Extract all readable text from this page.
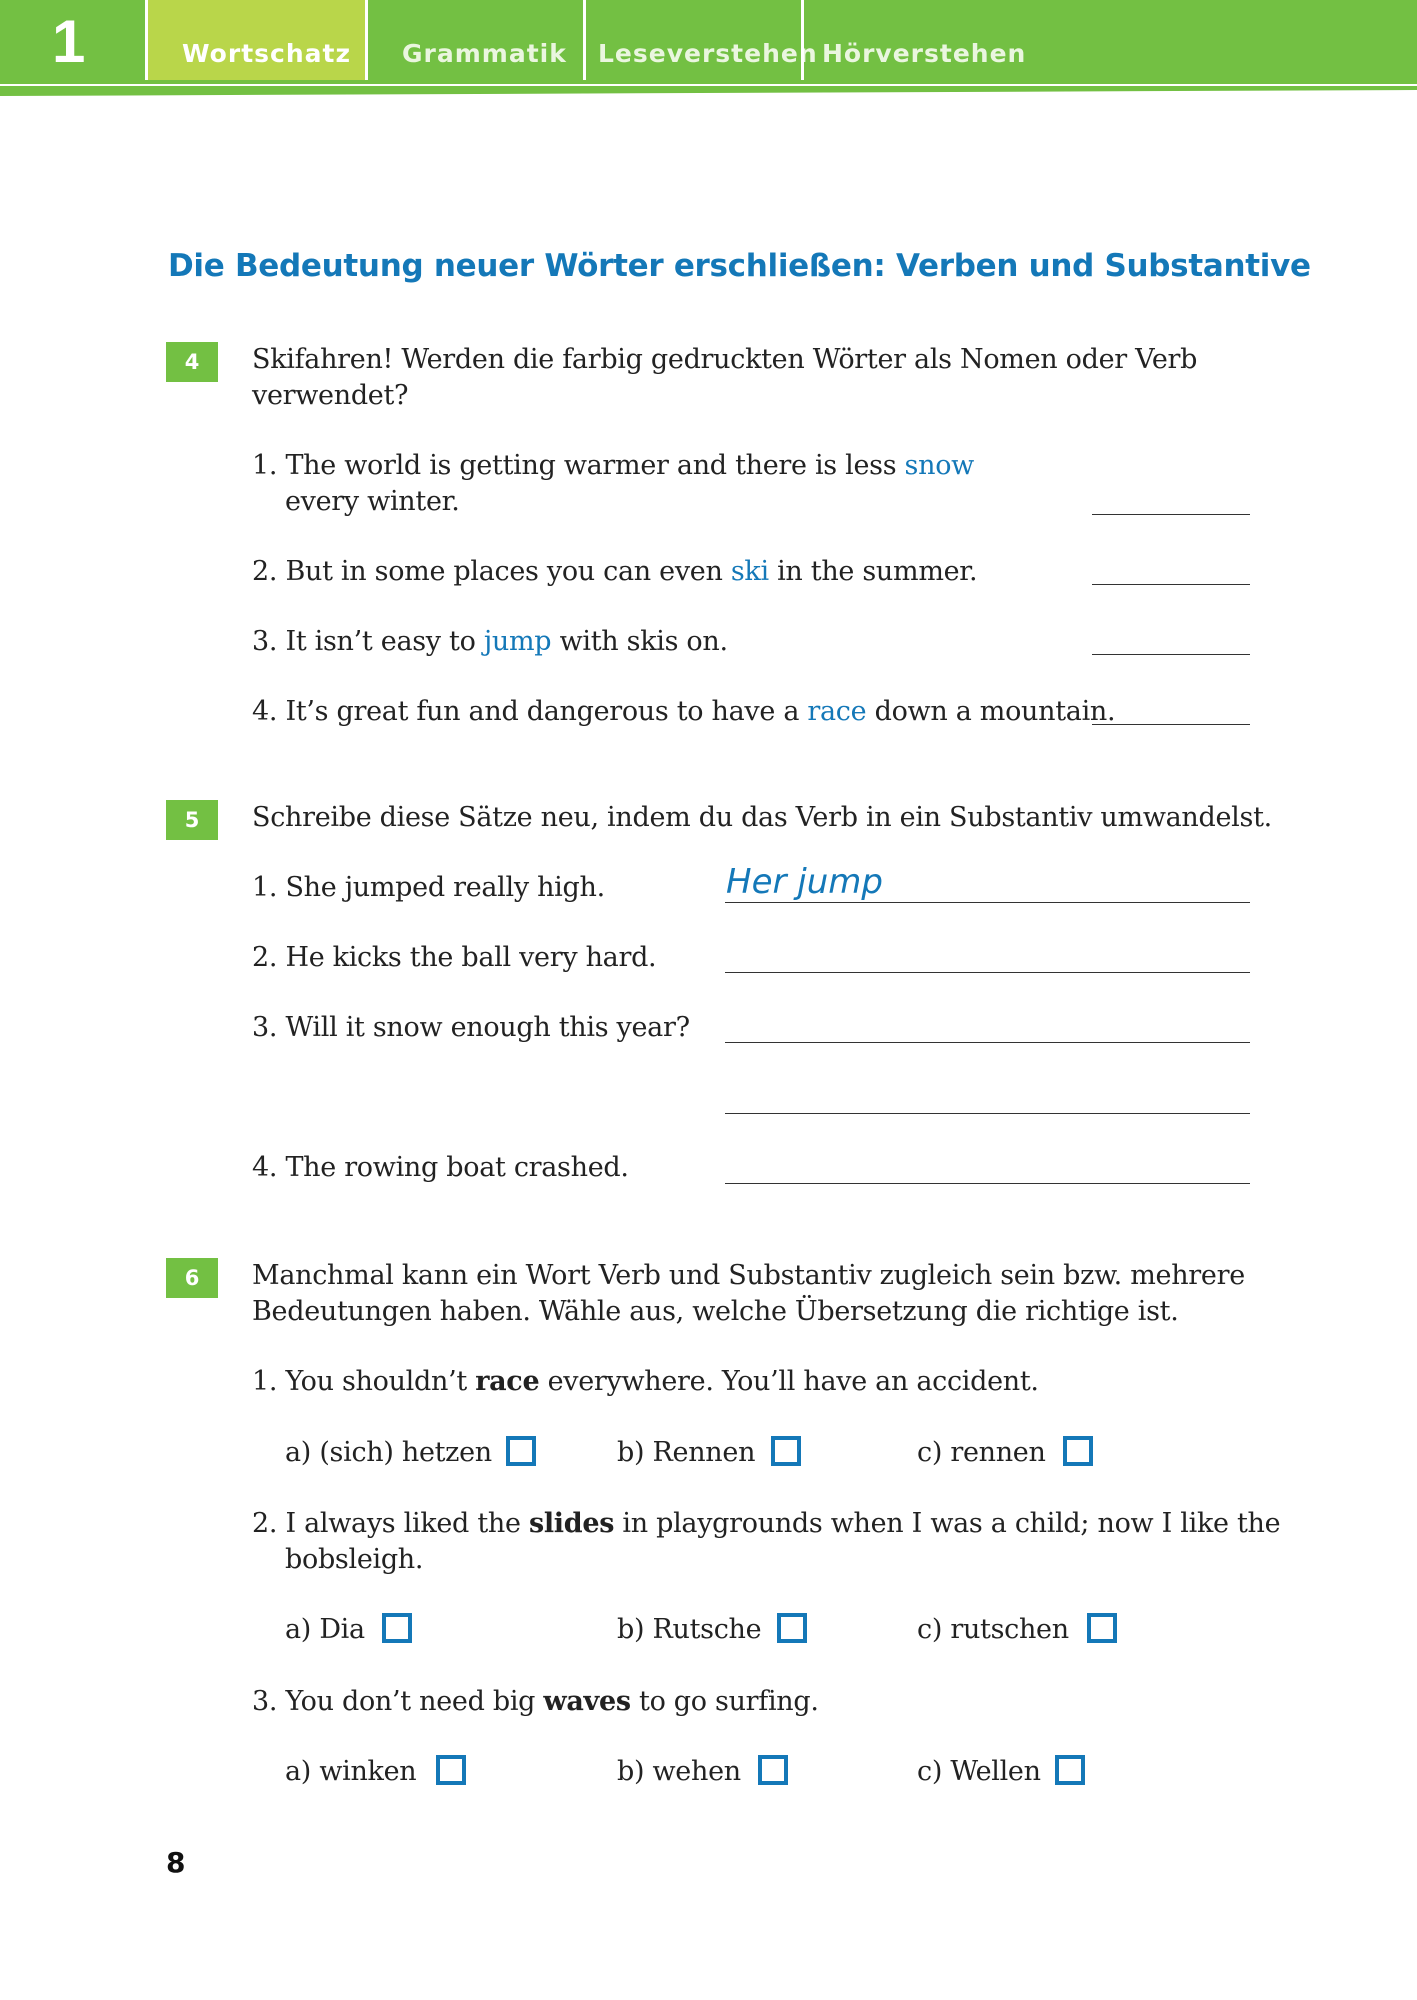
1	Wortschatz	Grammatik	Leseverstehen Hörverstehen
Die Bedeutung neuer Wörter erschließen: Verben und Substantive
4	Skifahren! Werden die farbig gedruckten Wörter als Nomen oder Verb
verwendet?
1. The world is getting warmer and there is less snow
every winter.
2. But in some places you can even ski in the summer.
3. It isn’t easy to jump with skis on.
4. It’s great fun and dangerous to have a race down a mountain.
5	Schreibe diese Sätze neu, indem du das Verb in ein Substantiv umwandelst.
1. She jumped really high.	Her jump
2. He kicks the ball very hard.
3. Will it snow enough this year?
4. The rowing boat crashed.
6	Manchmal kann ein Wort Verb und Substantiv zugleich sein bzw. mehrere
Bedeutungen haben. Wähle aus, welche Übersetzung die richtige ist.
1. You shouldn’t race everywhere. You’ll have an accident.
a) (sich) hetzen	b) Rennen	c) rennen
2. I always liked the slides in playgrounds when I was a child; now I like the
bobsleigh.
a) Dia	b) Rutsche	c) rutschen
3. You don’t need big waves to go surfing.
a) winken	b) wehen	c) Wellen
8
